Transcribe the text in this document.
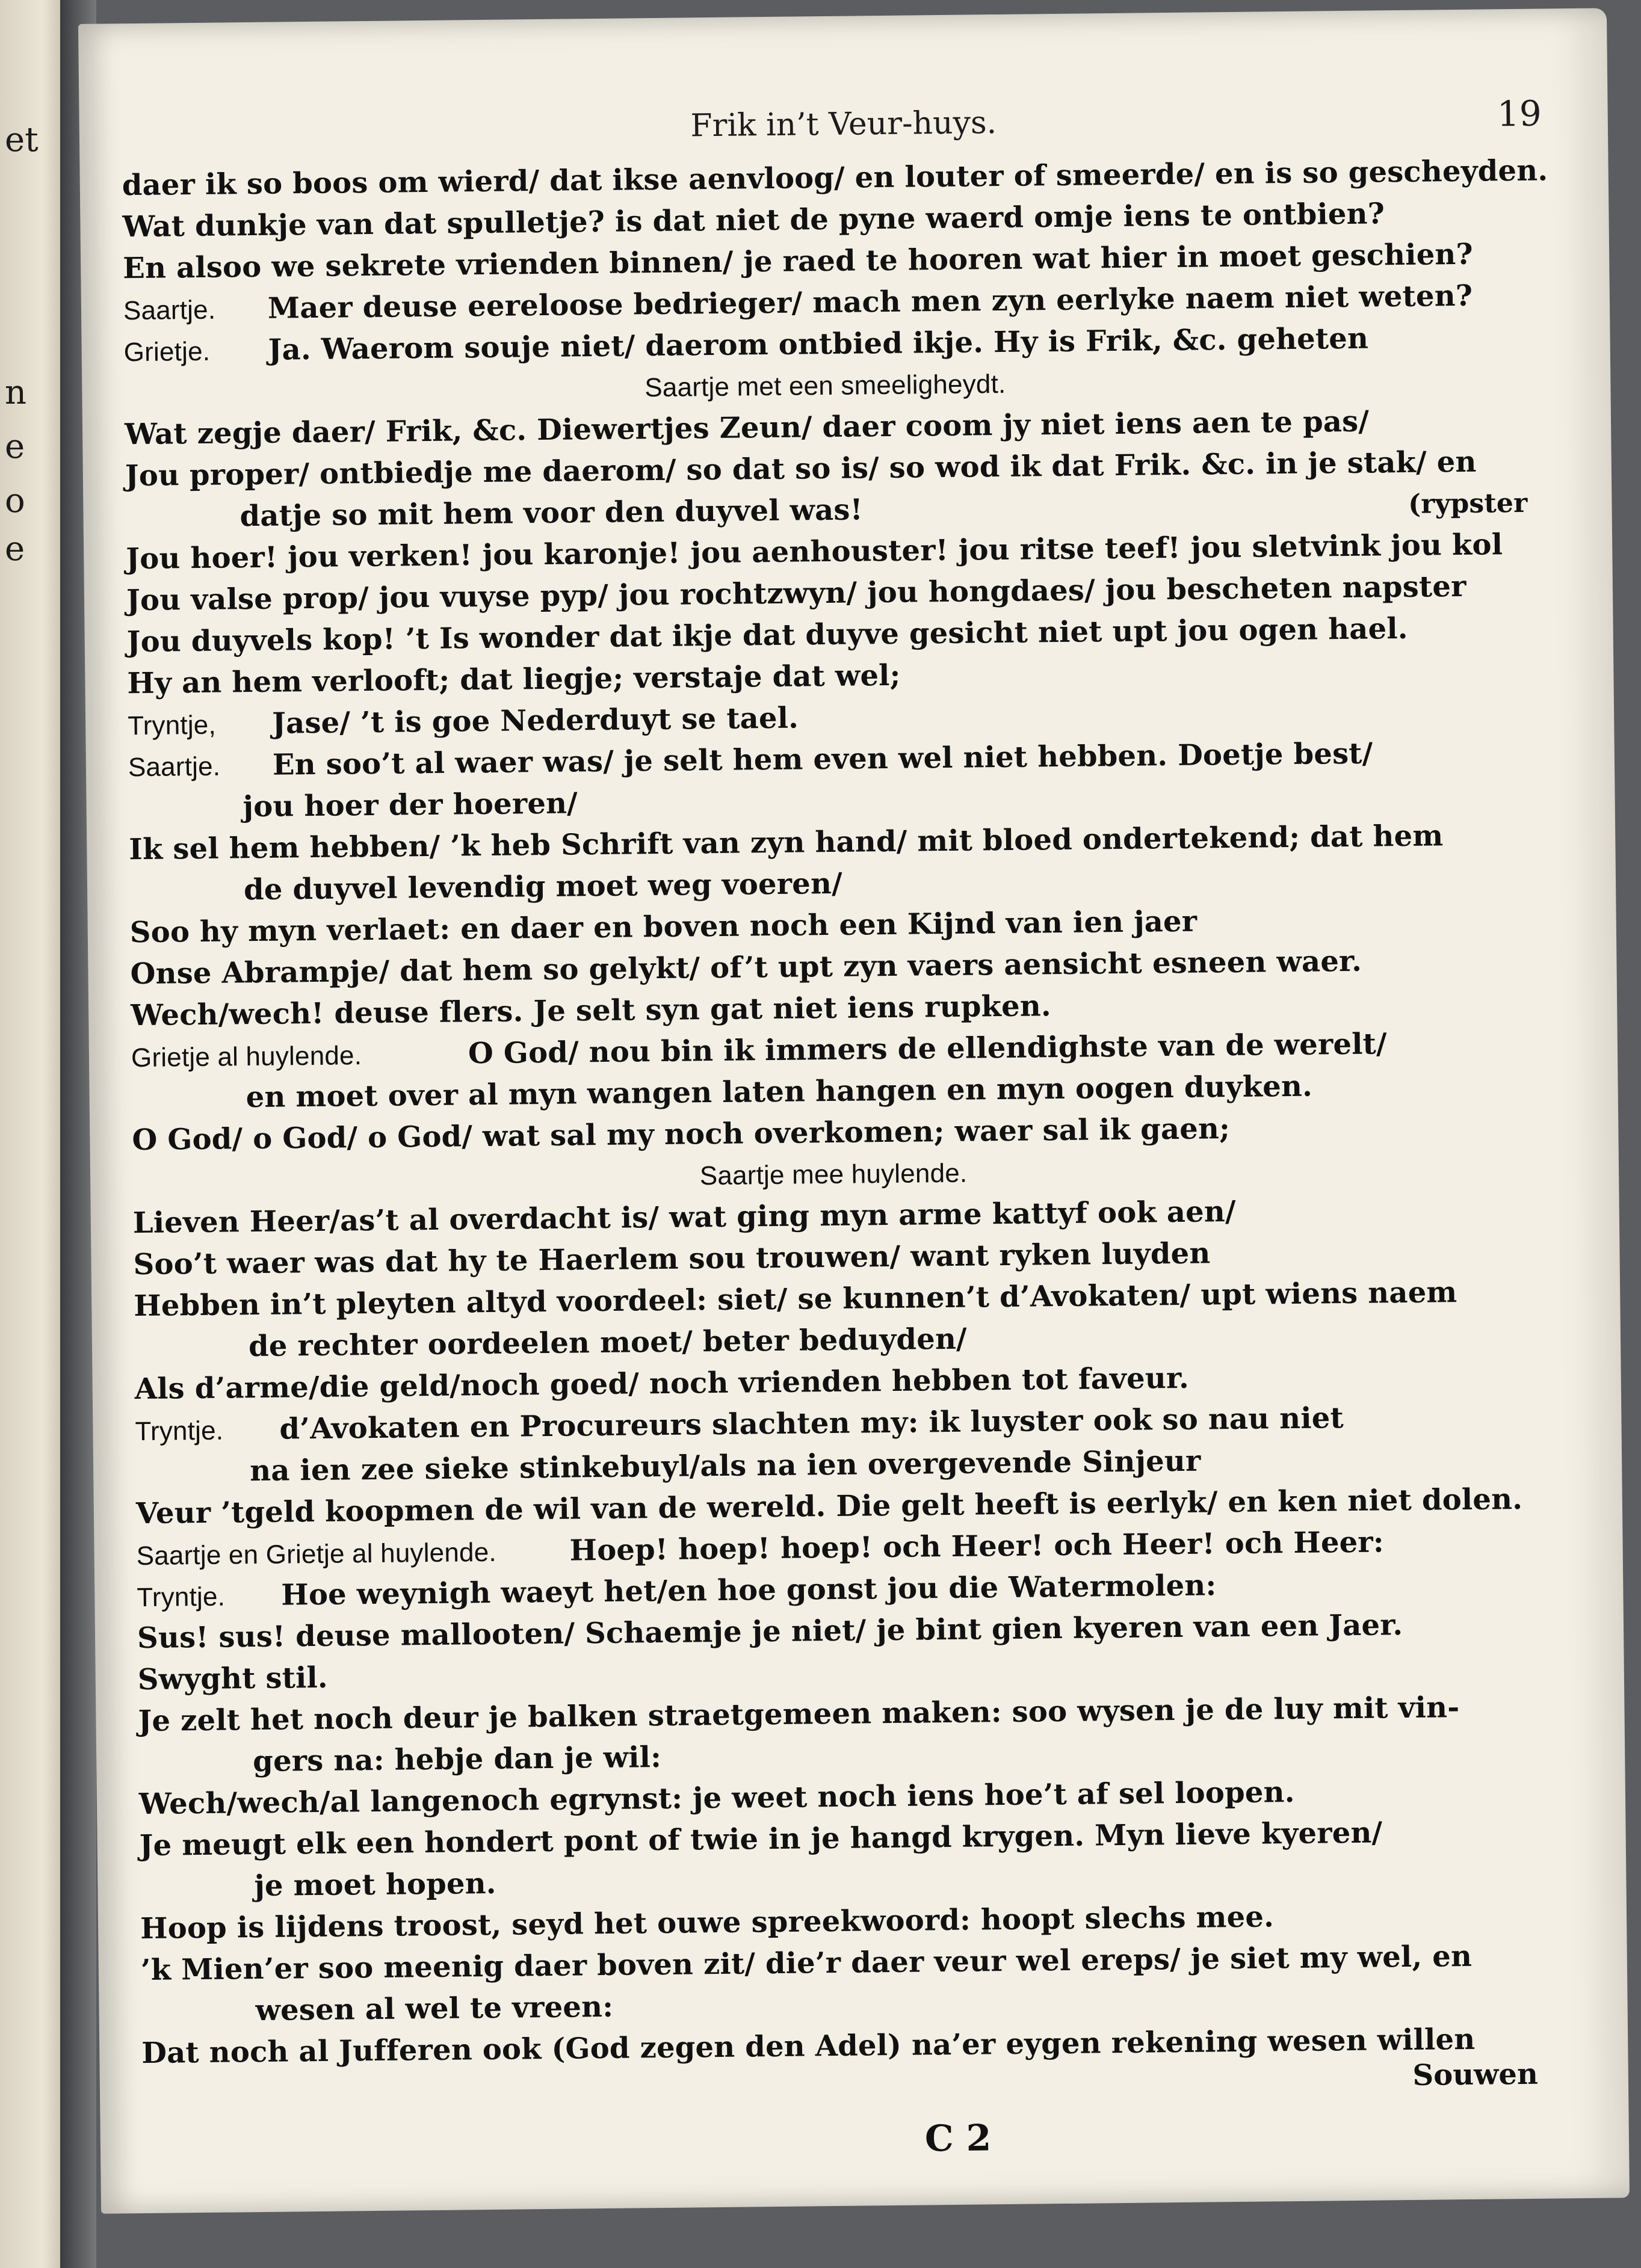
et
n
e
o
e
Frik in’t Veur-huys.	19
daer ik so boos om wierd/ dat ikse aenvloog/ en louter of smeerde/ en is so gescheyden.
Wat dunkje van dat spulletje? is dat niet de pyne waerd omje iens te ontbien?
En alsoo we sekrete vrienden binnen/ je raed te hooren wat hier in moet geschien?
Saartje. Maer deuse eereloose bedrieger/ mach men zyn eerlyke naem niet weten?
Grietje. Ja. Waerom souje niet/ daerom ontbied ikje. Hy is Frik, &c. geheten
Saartje met een smeeligheydt.
Wat zegje daer/ Frik, &c. Diewertjes Zeun/ daer coom jy niet iens aen te pas/
Jou proper/ ontbiedje me daerom/ so dat so is/ so wod ik dat Frik. &c. in je stak/ en
datje so mit hem voor den duyvel was!	(rypster
Jou hoer! jou verken! jou karonje! jou aenhouster! jou ritse teef! jou sletvink jou kol
Jou valse prop/ jou vuyse pyp/ jou rochtzwyn/ jou hongdaes/ jou bescheten napster
Jou duyvels kop! ’t Is wonder dat ikje dat duyve gesicht niet upt jou ogen hael.
Hy an hem verlooft; dat liegje; verstaje dat wel;
Tryntje, Jase/ ’t is goe Nederduyt se tael.
Saartje. En soo’t al waer was/ je selt hem even wel niet hebben. Doetje best/
jou hoer der hoeren/
Ik sel hem hebben/ ’k heb Schrift van zyn hand/ mit bloed ondertekend; dat hem
de duyvel levendig moet weg voeren/
Soo hy myn verlaet: en daer en boven noch een Kijnd van ien jaer
Onse Abrampje/ dat hem so gelykt/ of’t upt zyn vaers aensicht esneen waer.
Wech/wech! deuse flers. Je selt syn gat niet iens rupken.
Grietje al huylende.	O God/ nou bin ik immers de ellendighste van de werelt/
en moet over al myn wangen laten hangen en myn oogen duyken.
O God/ o God/ o God/ wat sal my noch overkomen; waer sal ik gaen;
Saartje mee huylende.
Lieven Heer/as’t al overdacht is/ wat ging myn arme kattyf ook aen/
Soo’t waer was dat hy te Haerlem sou trouwen/ want ryken luyden
Hebben in’t pleyten altyd voordeel: siet/ se kunnen’t d’Avokaten/ upt wiens naem
de rechter oordeelen moet/ beter beduyden/
Als d’arme/die geld/noch goed/ noch vrienden hebben tot faveur.
Tryntje. d’Avokaten en Procureurs slachten my: ik luyster ook so nau niet
na ien zee sieke stinkebuyl/als na ien overgevende Sinjeur
Veur ’tgeld koopmen de wil van de wereld. Die gelt heeft is eerlyk/ en ken niet dolen.
Saartje en Grietje al huylende.	Hoep! hoep! hoep! och Heer! och Heer! och Heer:
Tryntje. Hoe weynigh waeyt het/en hoe gonst jou die Watermolen:
Sus! sus! deuse mallooten/ Schaemje je niet/ je bint gien kyeren van een Jaer.
Swyght stil.
Je zelt het noch deur je balken straetgemeen maken: soo wysen je de luy mit vin-
gers na: hebje dan je wil:
Wech/wech/al langenoch egrynst: je weet noch iens hoe’t af sel loopen.
Je meugt elk een hondert pont of twie in je hangd krygen. Myn lieve kyeren/
je moet hopen.
Hoop is lijdens troost, seyd het ouwe spreekwoord: hoopt slechs mee.
’k Mien’er soo meenig daer boven zit/ die’r daer veur wel ereps/ je siet my wel, en
wesen al wel te vreen:
Dat noch al Jufferen ook (God zegen den Adel) na’er eygen rekening wesen willen
Souwen
C 2
